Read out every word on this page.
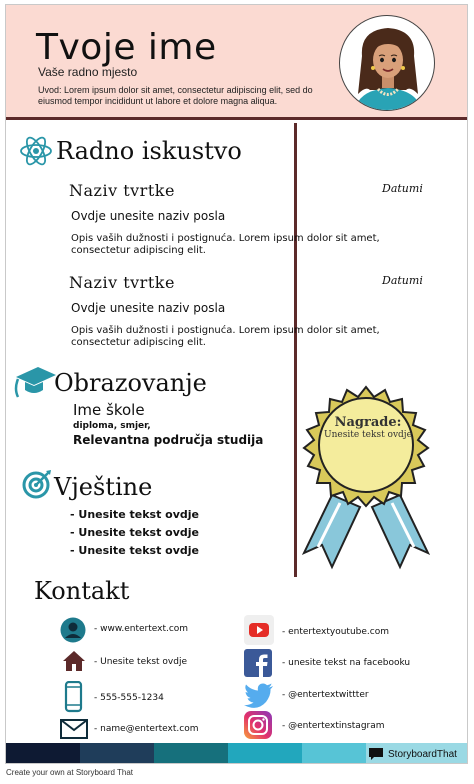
Tvoje ime
Vaše radno mjesto
Uvod: Lorem ipsum dolor sit amet, consectetur adipiscing elit, sed do eiusmod tempor incididunt ut labore et dolore magna aliqua.
Radno iskustvo
Naziv tvrtke	Datumi
Ovdje unesite naziv posla
Opis vaših dužnosti i postignuća. Lorem ipsum dolor sit amet, consectetur adipiscing elit.
Naziv tvrtke	Datumi
Ovdje unesite naziv posla
Opis vaših dužnosti i postignuća. Lorem ipsum dolor sit amet, consectetur adipiscing elit.
Obrazovanje
Ime škole
diploma, smjer,
Relevantna područja studija
Vještine
- Unesite tekst ovdje
- Unesite tekst ovdje
- Unesite tekst ovdje
Nagrade:
Unesite tekst ovdje
Kontakt
- www.entertext.com
- Unesite tekst ovdje
- 555-555-1234
- name@entertext.com
- entertextyoutube.com
- unesite tekst na facebooku
- @entertextwittter
- @entertextinstagram
StoryboardThat
Create your own at Storyboard That
